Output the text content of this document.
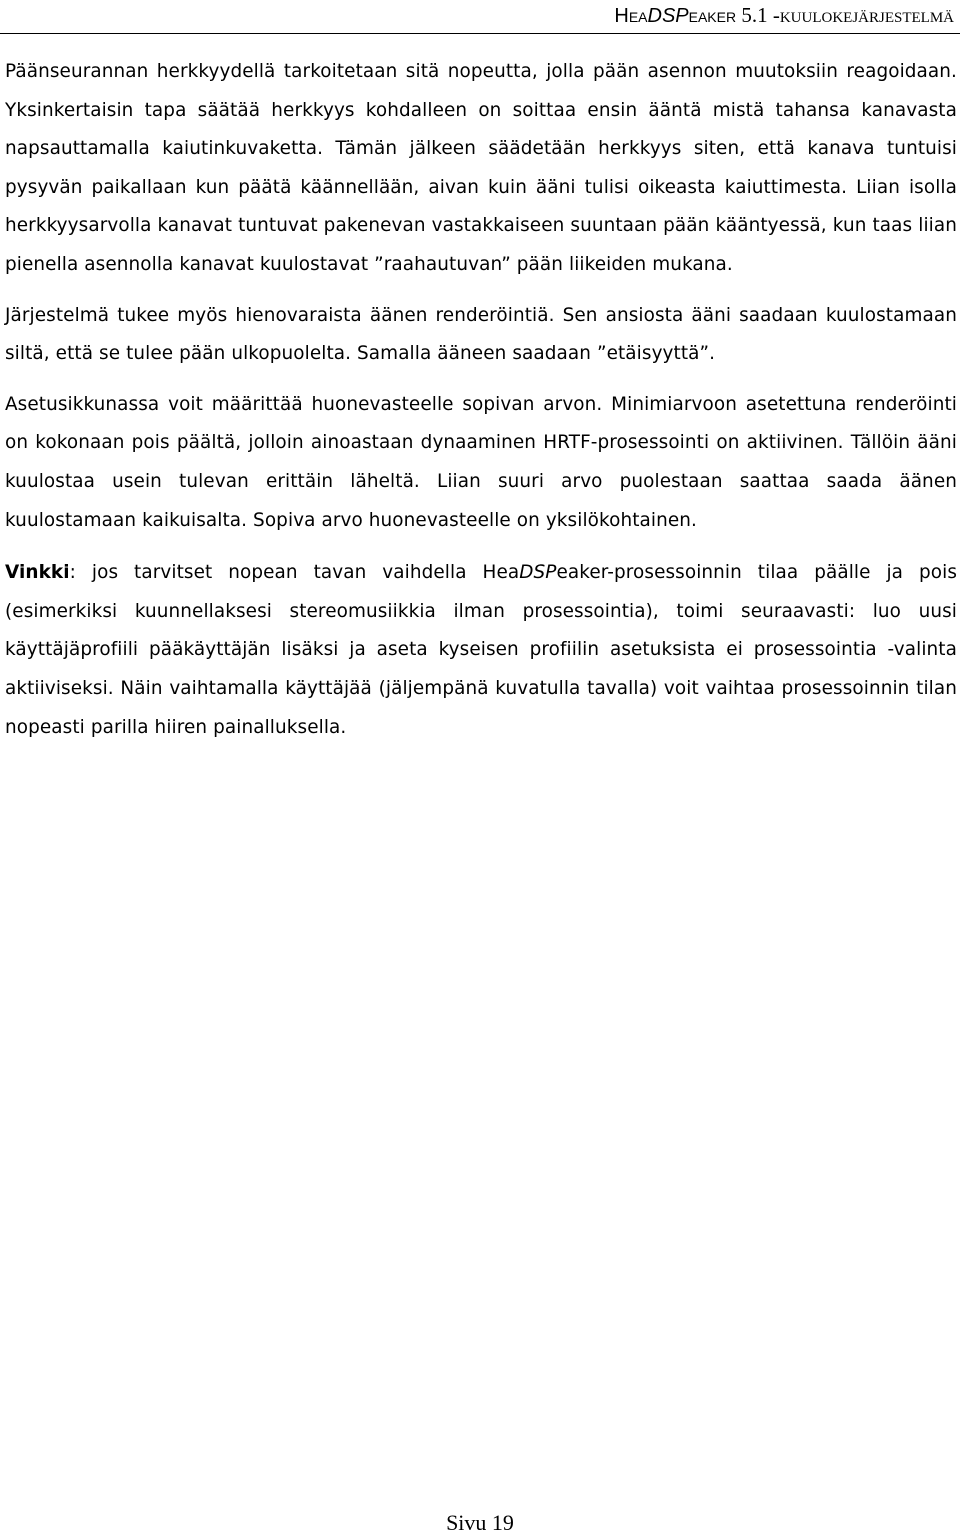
HeaDSPeaker 5.1 -kuulokejärjestelmä

Päänseurannan herkkyydellä tarkoitetaan sitä nopeutta, jolla pään asennon muutoksiin reagoidaan. Yksinkertaisin tapa säätää herkkyys kohdalleen on soittaa ensin ääntä mistä tahansa kanavasta napsauttamalla kaiutinkuvaketta. Tämän jälkeen säädetään herkkyys siten, että kanava tuntuisi pysyvän paikallaan kun päätä käännellään, aivan kuin ääni tulisi oikeasta kaiuttimesta. Liian isolla herkkyysarvolla kanavat tuntuvat pakenevan vastakkaiseen suuntaan pään kääntyessä, kun taas liian pienella asennolla kanavat kuulostavat ”raahautuvan” pään liikeiden mukana.

Järjestelmä tukee myös hienovaraista äänen renderöintiä. Sen ansiosta ääni saadaan kuulostamaan siltä, että se tulee pään ulkopuolelta. Samalla ääneen saadaan ”etäisyyttä”.

Asetusikkunassa voit määrittää huonevasteelle sopivan arvon. Minimiarvoon asetettuna renderöinti on kokonaan pois päältä, jolloin ainoastaan dynaaminen HRTF-prosessointi on aktiivinen. Tällöin ääni kuulostaa usein tulevan erittäin läheltä. Liian suuri arvo puolestaan saattaa saada äänen kuulostamaan kaikuisalta. Sopiva arvo huonevasteelle on yksilökohtainen.

Vinkki: jos tarvitset nopean tavan vaihdella HeaDSPeaker-prosessoinnin tilaa päälle ja pois (esimerkiksi kuunnellaksesi stereomusiikkia ilman prosessointia), toimi seuraavasti: luo uusi käyttäjäprofiili pääkäyttäjän lisäksi ja aseta kyseisen profiilin asetuksista ei prosessointia -valinta aktiiviseksi. Näin vaihtamalla käyttäjää (jäljempänä kuvatulla tavalla) voit vaihtaa prosessoinnin tilan nopeasti parilla hiiren painalluksella.

Sivu 19
